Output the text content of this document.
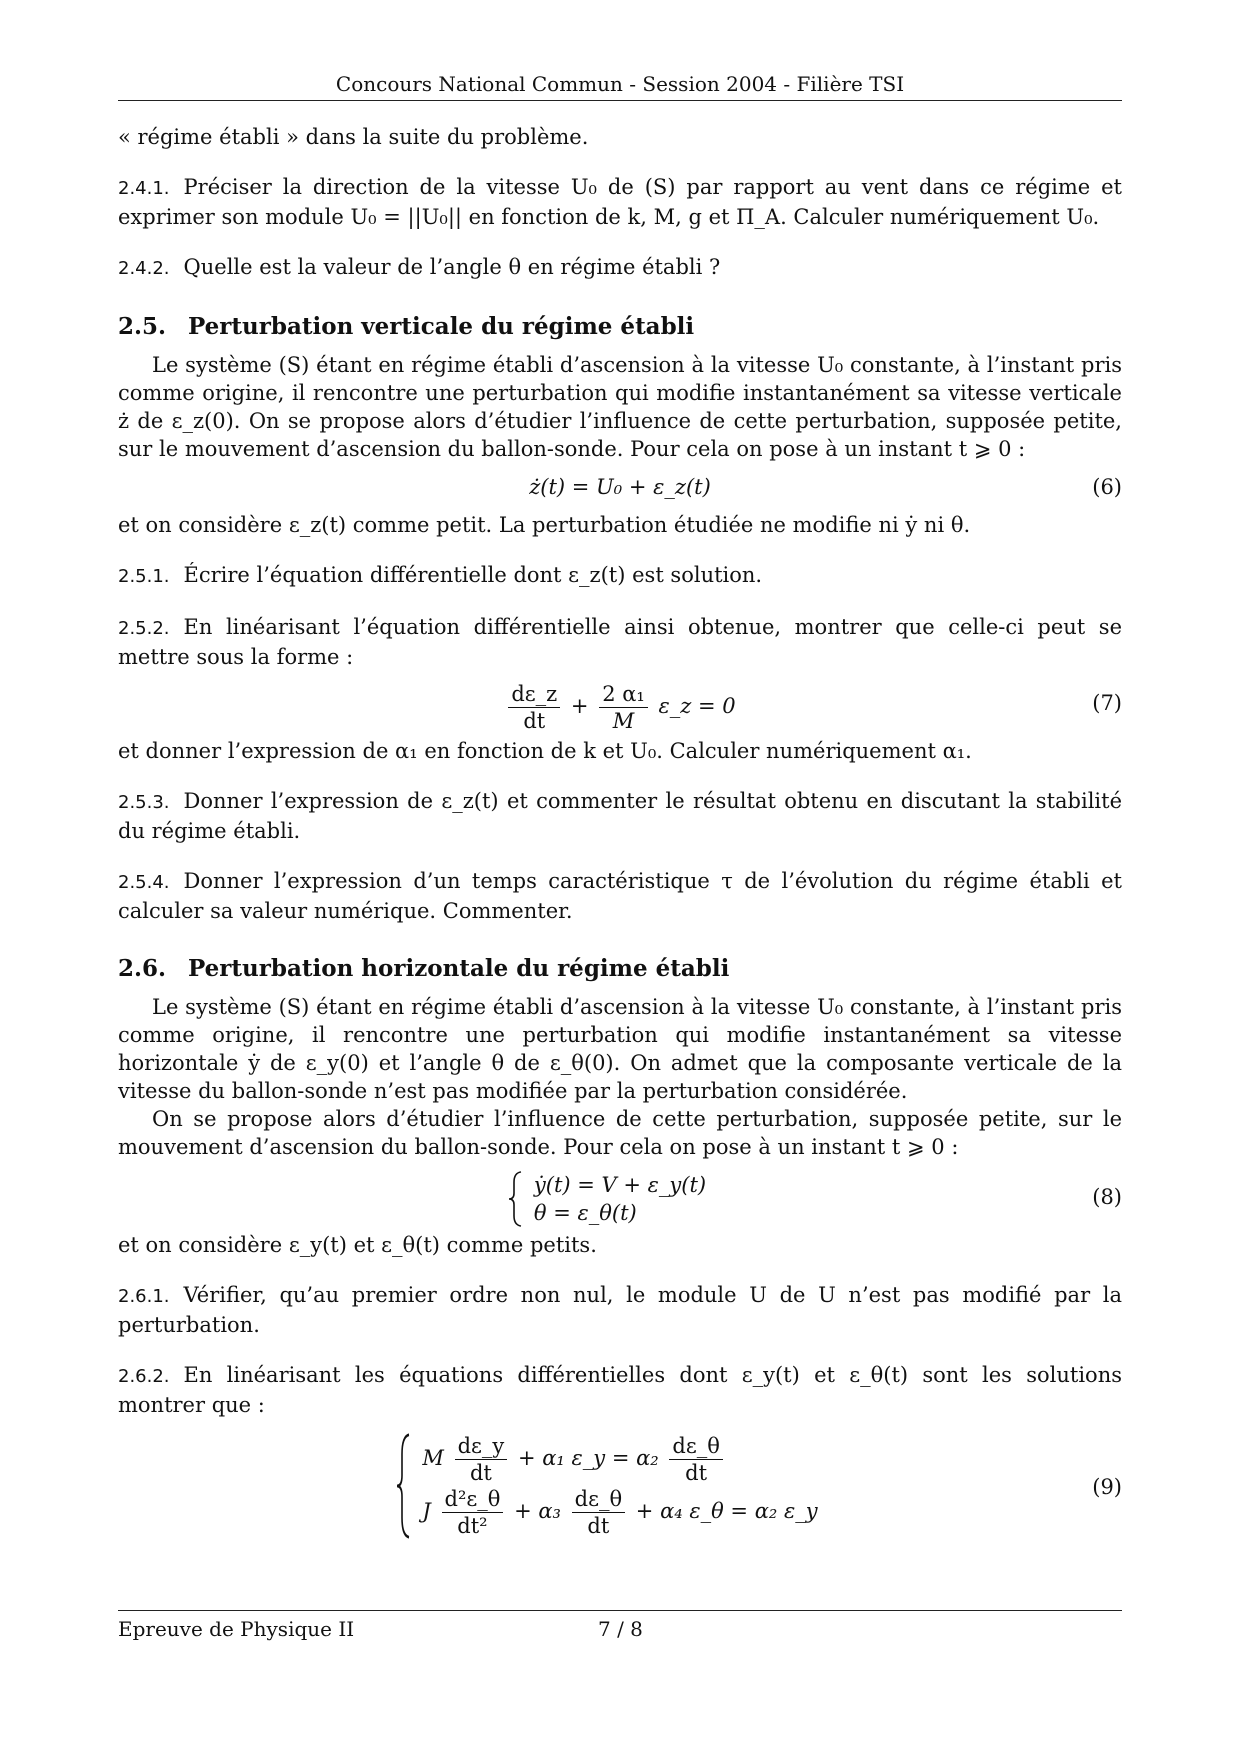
Concours National Commun - Session 2004 - Filière TSI

« régime établi » dans la suite du problème.

2.4.1. Préciser la direction de la vitesse U₀ de (S) par rapport au vent dans ce régime et exprimer son module U₀ = ||U₀|| en fonction de k, M, g et Π_A. Calculer numériquement U₀.

2.4.2. Quelle est la valeur de l’angle θ en régime établi ?

2.5. Perturbation verticale du régime établi

Le système (S) étant en régime établi d’ascension à la vitesse U₀ constante, à l’instant pris comme origine, il rencontre une perturbation qui modifie instantanément sa vitesse verticale ż de ε_z(0). On se propose alors d’étudier l’influence de cette perturbation, supposée petite, sur le mouvement d’ascension du ballon-sonde. Pour cela on pose à un instant t ⩾ 0 :

ż(t) = U₀ + ε_z(t)	(6)

et on considère ε_z(t) comme petit. La perturbation étudiée ne modifie ni ẏ ni θ.

2.5.1. Écrire l’équation différentielle dont ε_z(t) est solution.

2.5.2. En linéarisant l’équation différentielle ainsi obtenue, montrer que celle-ci peut se mettre sous la forme :

$\frac{d\varepsilon\_z}{dt} + \frac{\text{2 α₁}}{M}$ ε_z = 0	(7)

et donner l’expression de α₁ en fonction de k et U₀. Calculer numériquement α₁.

2.5.3. Donner l’expression de ε_z(t) et commenter le résultat obtenu en discutant la stabilité du régime établi.

2.5.4. Donner l’expression d’un temps caractéristique τ de l’évolution du régime établi et calculer sa valeur numérique. Commenter.

2.6. Perturbation horizontale du régime établi

Le système (S) étant en régime établi d’ascension à la vitesse U₀ constante, à l’instant pris comme origine, il rencontre une perturbation qui modifie instantanément sa vitesse horizontale ẏ de ε_y(0) et l’angle θ de ε_θ(0). On admet que la composante verticale de la vitesse du ballon-sonde n’est pas modifiée par la perturbation considérée.

On se propose alors d’étudier l’influence de cette perturbation, supposée petite, sur le mouvement d’ascension du ballon-sonde. Pour cela on pose à un instant t ⩾ 0 :

ẏ(t) = V + ε_y(t)
θ = ε_θ(t)
(8)

et on considère ε_y(t) et ε_θ(t) comme petits.

2.6.1. Vérifier, qu’au premier ordre non nul, le module U de U n’est pas modifié par la perturbation.

2.6.2. En linéarisant les équations différentielles dont ε_y(t) et ε_θ(t) sont les solutions montrer que :

M $\frac{d\varepsilon\_y}{dt} + \alpha_1$ ε_y = $\alpha_2 \frac{d\varepsilon\_\theta}{dt}$
J $\frac{\text{d²ε\_θ}}{\text{dt²}} + \alpha_3 \frac{d\varepsilon\_\theta}{dt} + \alpha_4$ ε_θ = α₂ ε_y
(9)
Epreuve de Physique II	7 / 8
